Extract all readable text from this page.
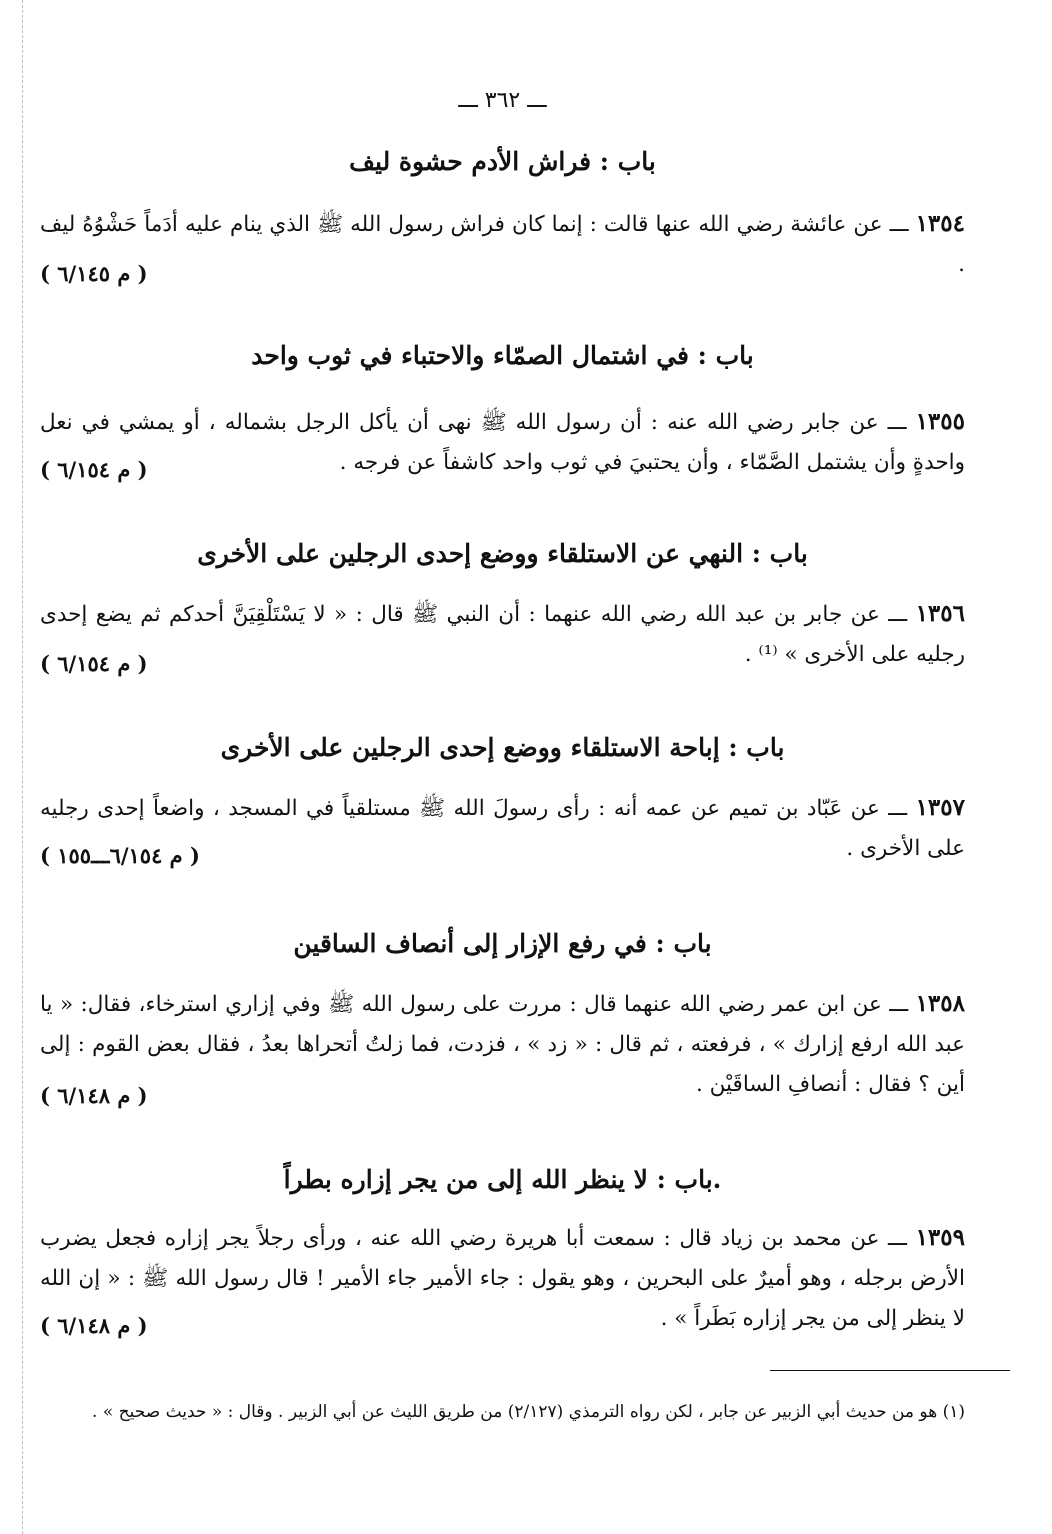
ـــ ٣٦٢ ـــ
باب : فراش الأدم حشوة ليف
١٣٥٤ ـــ عن عائشة رضي الله عنها قالت : إنما كان فراش رسول الله ﷺ الذي ينام عليه أدَماً حَشْوُهُ ليف .
( م ٦/١٤٥ )
باب : في اشتمال الصمّاء والاحتباء في ثوب واحد
١٣٥٥ ـــ عن جابر رضي الله عنه : أن رسول الله ﷺ نهى أن يأكل الرجل بشماله ، أو يمشي في نعل واحدةٍ وأن يشتمل الصَّمّاء ، وأن يحتبيَ في ثوب واحد كاشفاً عن فرجه .
( م ٦/١٥٤ )
باب : النهي عن الاستلقاء ووضع إحدى الرجلين على الأخرى
١٣٥٦ ـــ عن جابر بن عبد الله رضي الله عنهما : أن النبي ﷺ قال : « لا يَسْتَلْقِيَنَّ أحدكم ثم يضع إحدى رجليه على الأخرى » ⁽¹⁾ .
( م ٦/١٥٤ )
باب : إباحة الاستلقاء ووضع إحدى الرجلين على الأخرى
١٣٥٧ ـــ عن عَبّاد بن تميم عن عمه أنه : رأى رسولَ الله ﷺ مستلقياً في المسجد ، واضعاً إحدى رجليه على الأخرى .
( م ٦/١٥٤ـــ١٥٥ )
باب : في رفع الإزار إلى أنصاف الساقين
١٣٥٨ ـــ عن ابن عمر رضي الله عنهما قال : مررت على رسول الله ﷺ وفي إزاري استرخاء، فقال: « يا عبد الله ارفع إزارك » ، فرفعته ، ثم قال : « زد » ، فزدت، فما زلتُ أتحراها بعدُ ، فقال بعض القوم : إلى أين ؟ فقال : أنصافِ الساقَيْن .
( م ٦/١٤٨ )
.باب : لا ينظر الله إلى من يجر إزاره بطراً
١٣٥٩ ـــ عن محمد بن زياد قال : سمعت أبا هريرة رضي الله عنه ، ورأى رجلاً يجر إزاره فجعل يضرب الأرض برجله ، وهو أميرٌ على البحرين ، وهو يقول : جاء الأمير جاء الأمير ! قال رسول الله ﷺ : « إن الله لا ينظر إلى من يجر إزاره بَطَراً » .
( م ٦/١٤٨ )
(١) هو من حديث أبي الزبير عن جابر ، لكن رواه الترمذي (٢/١٢٧) من طريق الليث عن أبي الزبير . وقال : « حديث صحيح » .
